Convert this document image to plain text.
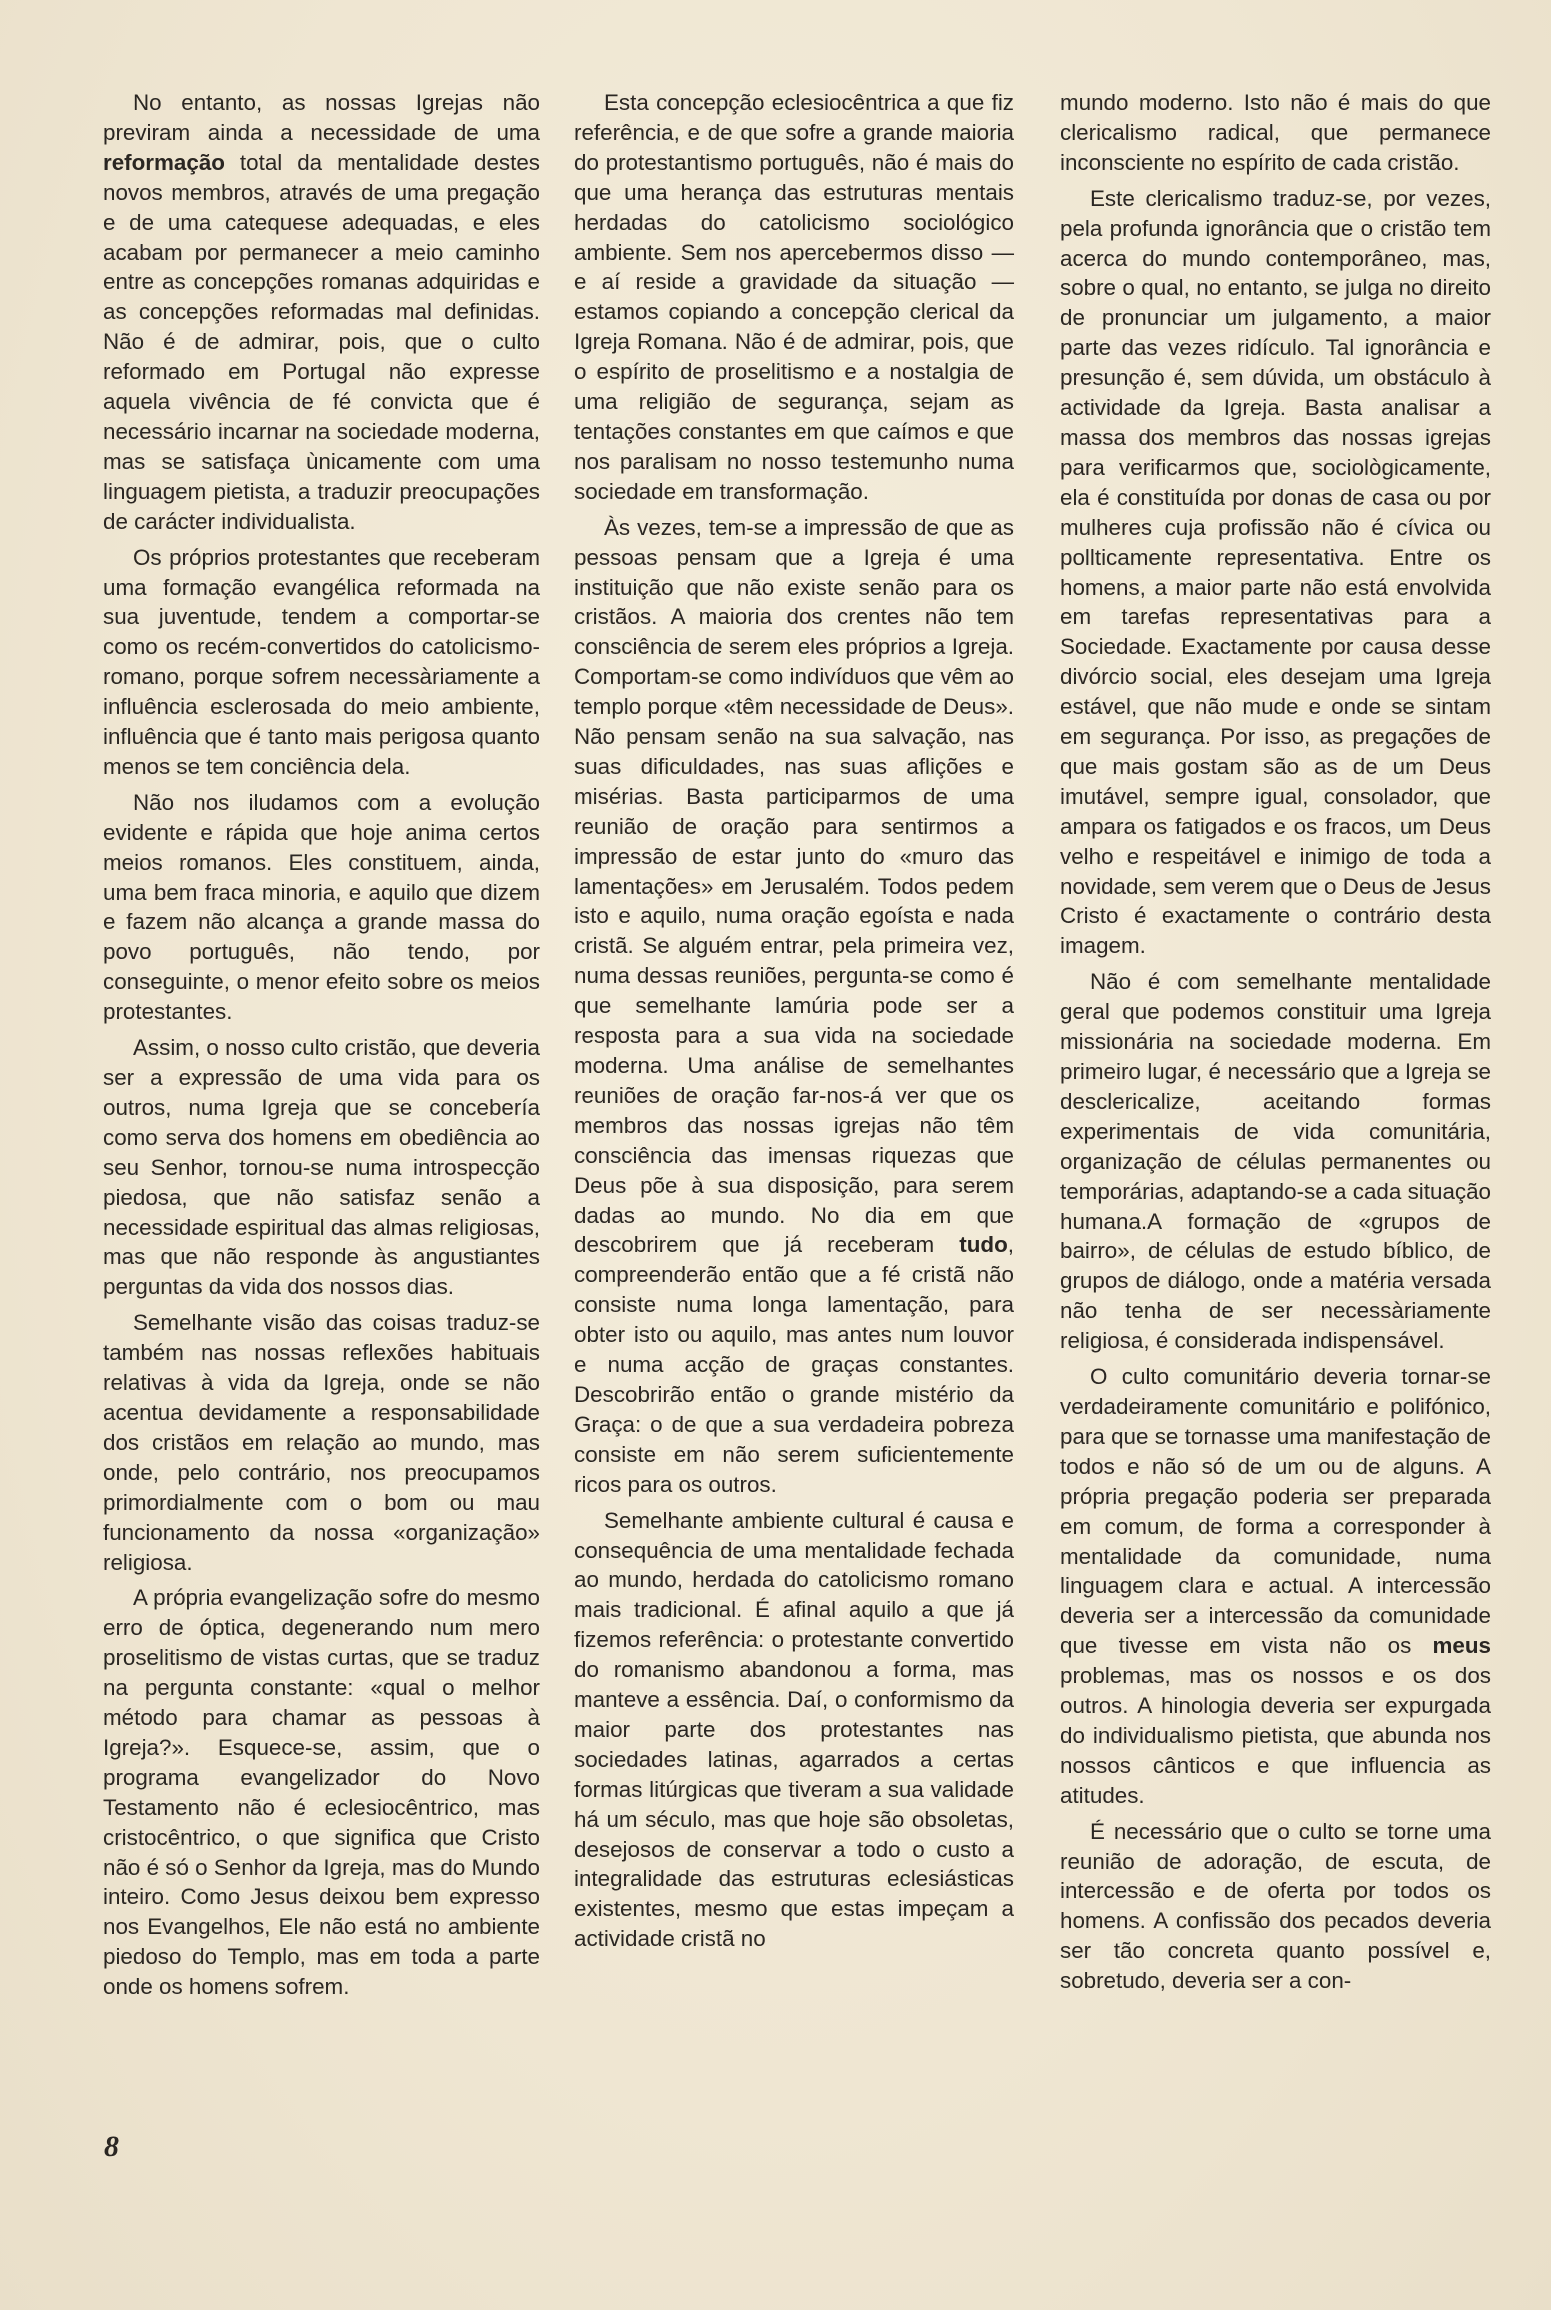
No entanto, as nossas Igrejas não previram ainda a necessidade de uma reformação total da mentalidade destes novos membros, através de uma pregação e de uma catequese adequadas, e eles acabam por permanecer a meio caminho entre as concepções romanas adquiridas e as concepções reformadas mal definidas. Não é de admirar, pois, que o culto reformado em Portugal não expresse aquela vivência de fé convicta que é necessário incarnar na sociedade moderna, mas se satisfaça ùnicamente com uma linguagem pietista, a traduzir preocupações de carácter individualista.

Os próprios protestantes que receberam uma formação evangélica reformada na sua juventude, tendem a comportar-se como os recém-convertidos do catolicismo-romano, porque sofrem necessàriamente a influência esclerosada do meio ambiente, influência que é tanto mais perigosa quanto menos se tem conciência dela.

Não nos iludamos com a evolução evidente e rápida que hoje anima certos meios romanos. Eles constituem, ainda, uma bem fraca minoria, e aquilo que dizem e fazem não alcança a grande massa do povo português, não tendo, por conseguinte, o menor efeito sobre os meios protestantes.

Assim, o nosso culto cristão, que deveria ser a expressão de uma vida para os outros, numa Igreja que se concebería como serva dos homens em obediência ao seu Senhor, tornou-se numa introspecção piedosa, que não satisfaz senão a necessidade espiritual das almas religiosas, mas que não responde às angustiantes perguntas da vida dos nossos dias.

Semelhante visão das coisas traduz-se também nas nossas reflexões habituais relativas à vida da Igreja, onde se não acentua devidamente a responsabilidade dos cristãos em relação ao mundo, mas onde, pelo contrário, nos preocupamos primordialmente com o bom ou mau funcionamento da nossa «organização» religiosa.

A própria evangelização sofre do mesmo erro de óptica, degenerando num mero proselitismo de vistas curtas, que se traduz na pergunta constante: «qual o melhor método para chamar as pessoas à Igreja?». Esquece-se, assim, que o programa evangelizador do Novo Testamento não é eclesiocêntrico, mas cristocêntrico, o que significa que Cristo não é só o Senhor da Igreja, mas do Mundo inteiro. Como Jesus deixou bem expresso nos Evangelhos, Ele não está no ambiente piedoso do Templo, mas em toda a parte onde os homens sofrem.

Esta concepção eclesiocêntrica a que fiz referência, e de que sofre a grande maioria do protestantismo português, não é mais do que uma herança das estruturas mentais herdadas do catolicismo sociológico ambiente. Sem nos apercebermos disso — e aí reside a gravidade da situação — estamos copiando a concepção clerical da Igreja Romana. Não é de admirar, pois, que o espírito de proselitismo e a nostalgia de uma religião de segurança, sejam as tentações constantes em que caímos e que nos paralisam no nosso testemunho numa sociedade em transformação.

Às vezes, tem-se a impressão de que as pessoas pensam que a Igreja é uma instituição que não existe senão para os cristãos. A maioria dos crentes não tem consciência de serem eles próprios a Igreja. Comportam-se como indivíduos que vêm ao templo porque «têm necessidade de Deus». Não pensam senão na sua salvação, nas suas dificuldades, nas suas aflições e misérias. Basta participarmos de uma reunião de oração para sentirmos a impressão de estar junto do «muro das lamentações» em Jerusalém. Todos pedem isto e aquilo, numa oração egoísta e nada cristã. Se alguém entrar, pela primeira vez, numa dessas reuniões, pergunta-se como é que semelhante lamúria pode ser a resposta para a sua vida na sociedade moderna. Uma análise de semelhantes reuniões de oração far-nos-á ver que os membros das nossas igrejas não têm consciência das imensas riquezas que Deus põe à sua disposição, para serem dadas ao mundo. No dia em que descobrirem que já receberam tudo, compreenderão então que a fé cristã não consiste numa longa lamentação, para obter isto ou aquilo, mas antes num louvor e numa acção de graças constantes. Descobrirão então o grande mistério da Graça: o de que a sua verdadeira pobreza consiste em não serem suficientemente ricos para os outros.

Semelhante ambiente cultural é causa e consequência de uma mentalidade fechada ao mundo, herdada do catolicismo romano mais tradicional. É afinal aquilo a que já fizemos referência: o protestante convertido do romanismo abandonou a forma, mas manteve a essência. Daí, o conformismo da maior parte dos protestantes nas sociedades latinas, agarrados a certas formas litúrgicas que tiveram a sua validade há um século, mas que hoje são obsoletas, desejosos de conservar a todo o custo a integralidade das estruturas eclesiásticas existentes, mesmo que estas impeçam a actividade cristã no

mundo moderno. Isto não é mais do que clericalismo radical, que permanece inconsciente no espírito de cada cristão.

Este clericalismo traduz-se, por vezes, pela profunda ignorância que o cristão tem acerca do mundo contemporâneo, mas, sobre o qual, no entanto, se julga no direito de pronunciar um julgamento, a maior parte das vezes ridículo. Tal ignorância e presunção é, sem dúvida, um obstáculo à actividade da Igreja. Basta analisar a massa dos membros das nossas igrejas para verificarmos que, sociològicamente, ela é constituída por donas de casa ou por mulheres cuja profissão não é cívica ou pollticamente representativa. Entre os homens, a maior parte não está envolvida em tarefas representativas para a Sociedade. Exactamente por causa desse divórcio social, eles desejam uma Igreja estável, que não mude e onde se sintam em segurança. Por isso, as pregações de que mais gostam são as de um Deus imutável, sempre igual, consolador, que ampara os fatigados e os fracos, um Deus velho e respeitável e inimigo de toda a novidade, sem verem que o Deus de Jesus Cristo é exactamente o contrário desta imagem.

Não é com semelhante mentalidade geral que podemos constituir uma Igreja missionária na sociedade moderna. Em primeiro lugar, é necessário que a Igreja se desclericalize, aceitando formas experimentais de vida comunitária, organização de células permanentes ou temporárias, adaptando-se a cada situação humana.A formação de «grupos de bairro», de células de estudo bíblico, de grupos de diálogo, onde a matéria versada não tenha de ser necessàriamente religiosa, é considerada indispensável.

O culto comunitário deveria tornar-se verdadeiramente comunitário e polifónico, para que se tornasse uma manifestação de todos e não só de um ou de alguns. A própria pregação poderia ser preparada em comum, de forma a corresponder à mentalidade da comunidade, numa linguagem clara e actual. A intercessão deveria ser a intercessão da comunidade que tivesse em vista não os meus problemas, mas os nossos e os dos outros. A hinologia deveria ser expurgada do individualismo pietista, que abunda nos nossos cânticos e que influencia as atitudes.

É necessário que o culto se torne uma reunião de adoração, de escuta, de intercessão e de oferta por todos os homens. A confissão dos pecados deveria ser tão concreta quanto possível e, sobretudo, deveria ser a con-

8
